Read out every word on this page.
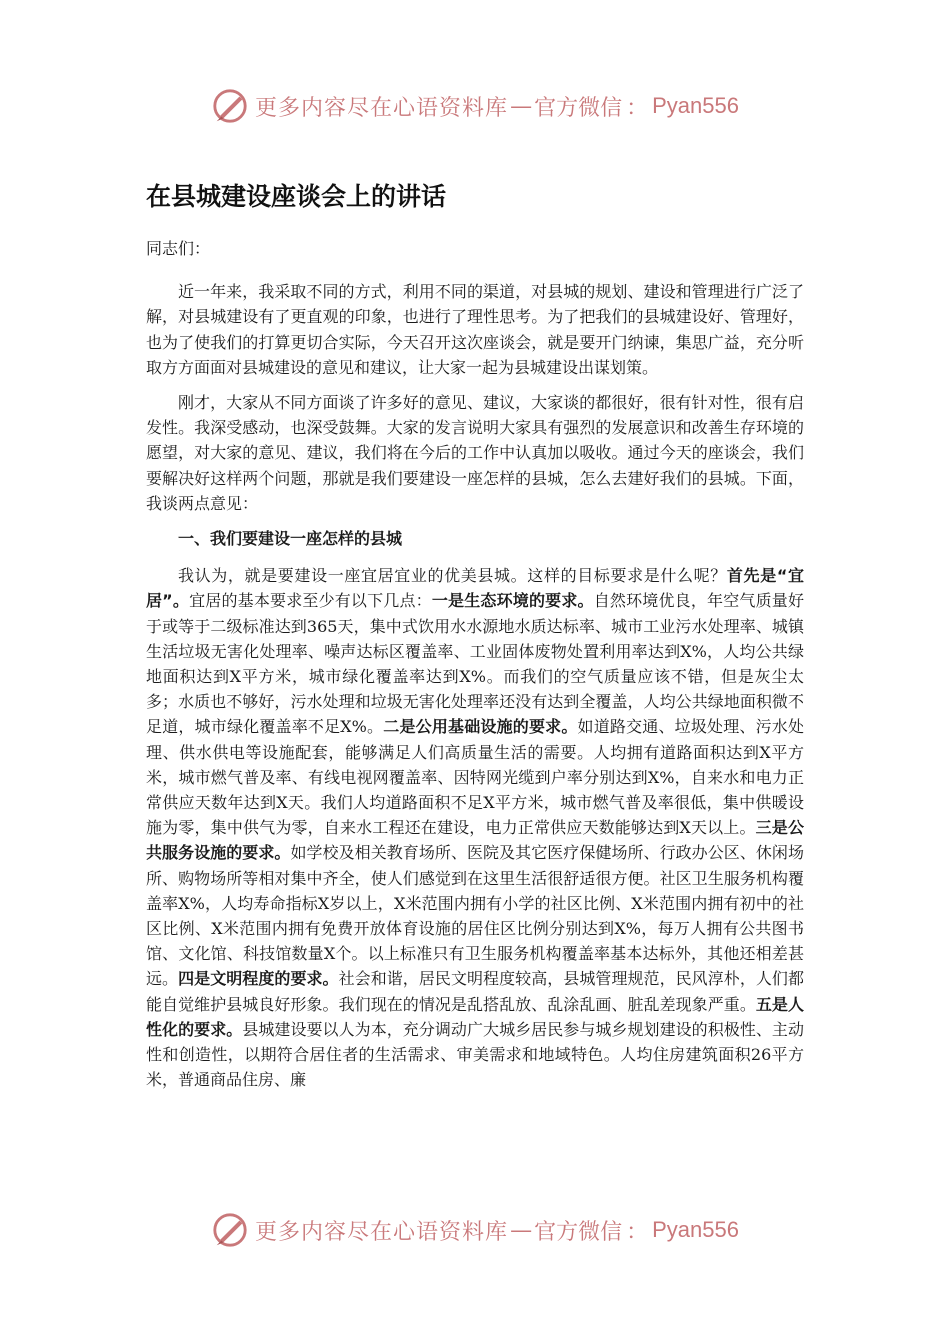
更多内容尽在心语资料库 — 官方微信 ： Pyan556
在县城建设座谈会上的讲话

同志们：

近一年来，我采取不同的方式，利用不同的渠道，对县城的规划、建设和管理进行广泛了解，对县城建设有了更直观的印象，也进行了理性思考。为了把我们的县城建设好、管理好，也为了使我们的打算更切合实际，今天召开这次座谈会，就是要开门纳谏，集思广益，充分听取方方面面对县城建设的意见和建议，让大家一起为县城建设出谋划策。

刚才，大家从不同方面谈了许多好的意见、建议，大家谈的都很好，很有针对性，很有启发性。我深受感动，也深受鼓舞。大家的发言说明大家具有强烈的发展意识和改善生存环境的愿望，对大家的意见、建议，我们将在今后的工作中认真加以吸收。通过今天的座谈会，我们要解决好这样两个问题，那就是我们要建设一座怎样的县城，怎么去建好我们的县城。下面，我谈两点意见：

一、我们要建设一座怎样的县城

我认为，就是要建设一座宜居宜业的优美县城。这样的目标要求是什么呢？首先是“宜居”。宜居的基本要求至少有以下几点：一是生态环境的要求。自然环境优良，年空气质量好于或等于二级标准达到365天，集中式饮用水水源地水质达标率、城市工业污水处理率、城镇生活垃圾无害化处理率、噪声达标区覆盖率、工业固体废物处置利用率达到X%，人均公共绿地面积达到X平方米，城市绿化覆盖率达到X%。而我们的空气质量应该不错，但是灰尘太多；水质也不够好，污水处理和垃圾无害化处理率还没有达到全覆盖，人均公共绿地面积微不足道，城市绿化覆盖率不足X%。二是公用基础设施的要求。如道路交通、垃圾处理、污水处理、供水供电等设施配套，能够满足人们高质量生活的需要。人均拥有道路面积达到X平方米，城市燃气普及率、有线电视网覆盖率、因特网光缆到户率分别达到X%，自来水和电力正常供应天数年达到X天。我们人均道路面积不足X平方米，城市燃气普及率很低，集中供暖设施为零，集中供气为零，自来水工程还在建设，电力正常供应天数能够达到X天以上。三是公共服务设施的要求。如学校及相关教育场所、医院及其它医疗保健场所、行政办公区、休闲场所、购物场所等相对集中齐全，使人们感觉到在这里生活很舒适很方便。社区卫生服务机构覆盖率X%，人均寿命指标X岁以上，X米范围内拥有小学的社区比例、X米范围内拥有初中的社区比例、X米范围内拥有免费开放体育设施的居住区比例分别达到X%，每万人拥有公共图书馆、文化馆、科技馆数量X个。以上标准只有卫生服务机构覆盖率基本达标外，其他还相差甚远。四是文明程度的要求。社会和谐，居民文明程度较高，县城管理规范，民风淳朴，人们都能自觉维护县城良好形象。我们现在的情况是乱搭乱放、乱涂乱画、脏乱差现象严重。五是人性化的要求。县城建设要以人为本，充分调动广大城乡居民参与城乡规划建设的积极性、主动性和创造性，以期符合居住者的生活需求、审美需求和地域特色。人均住房建筑面积26平方米，普通商品住房、廉

更多内容尽在心语资料库 — 官方微信 ： Pyan556
